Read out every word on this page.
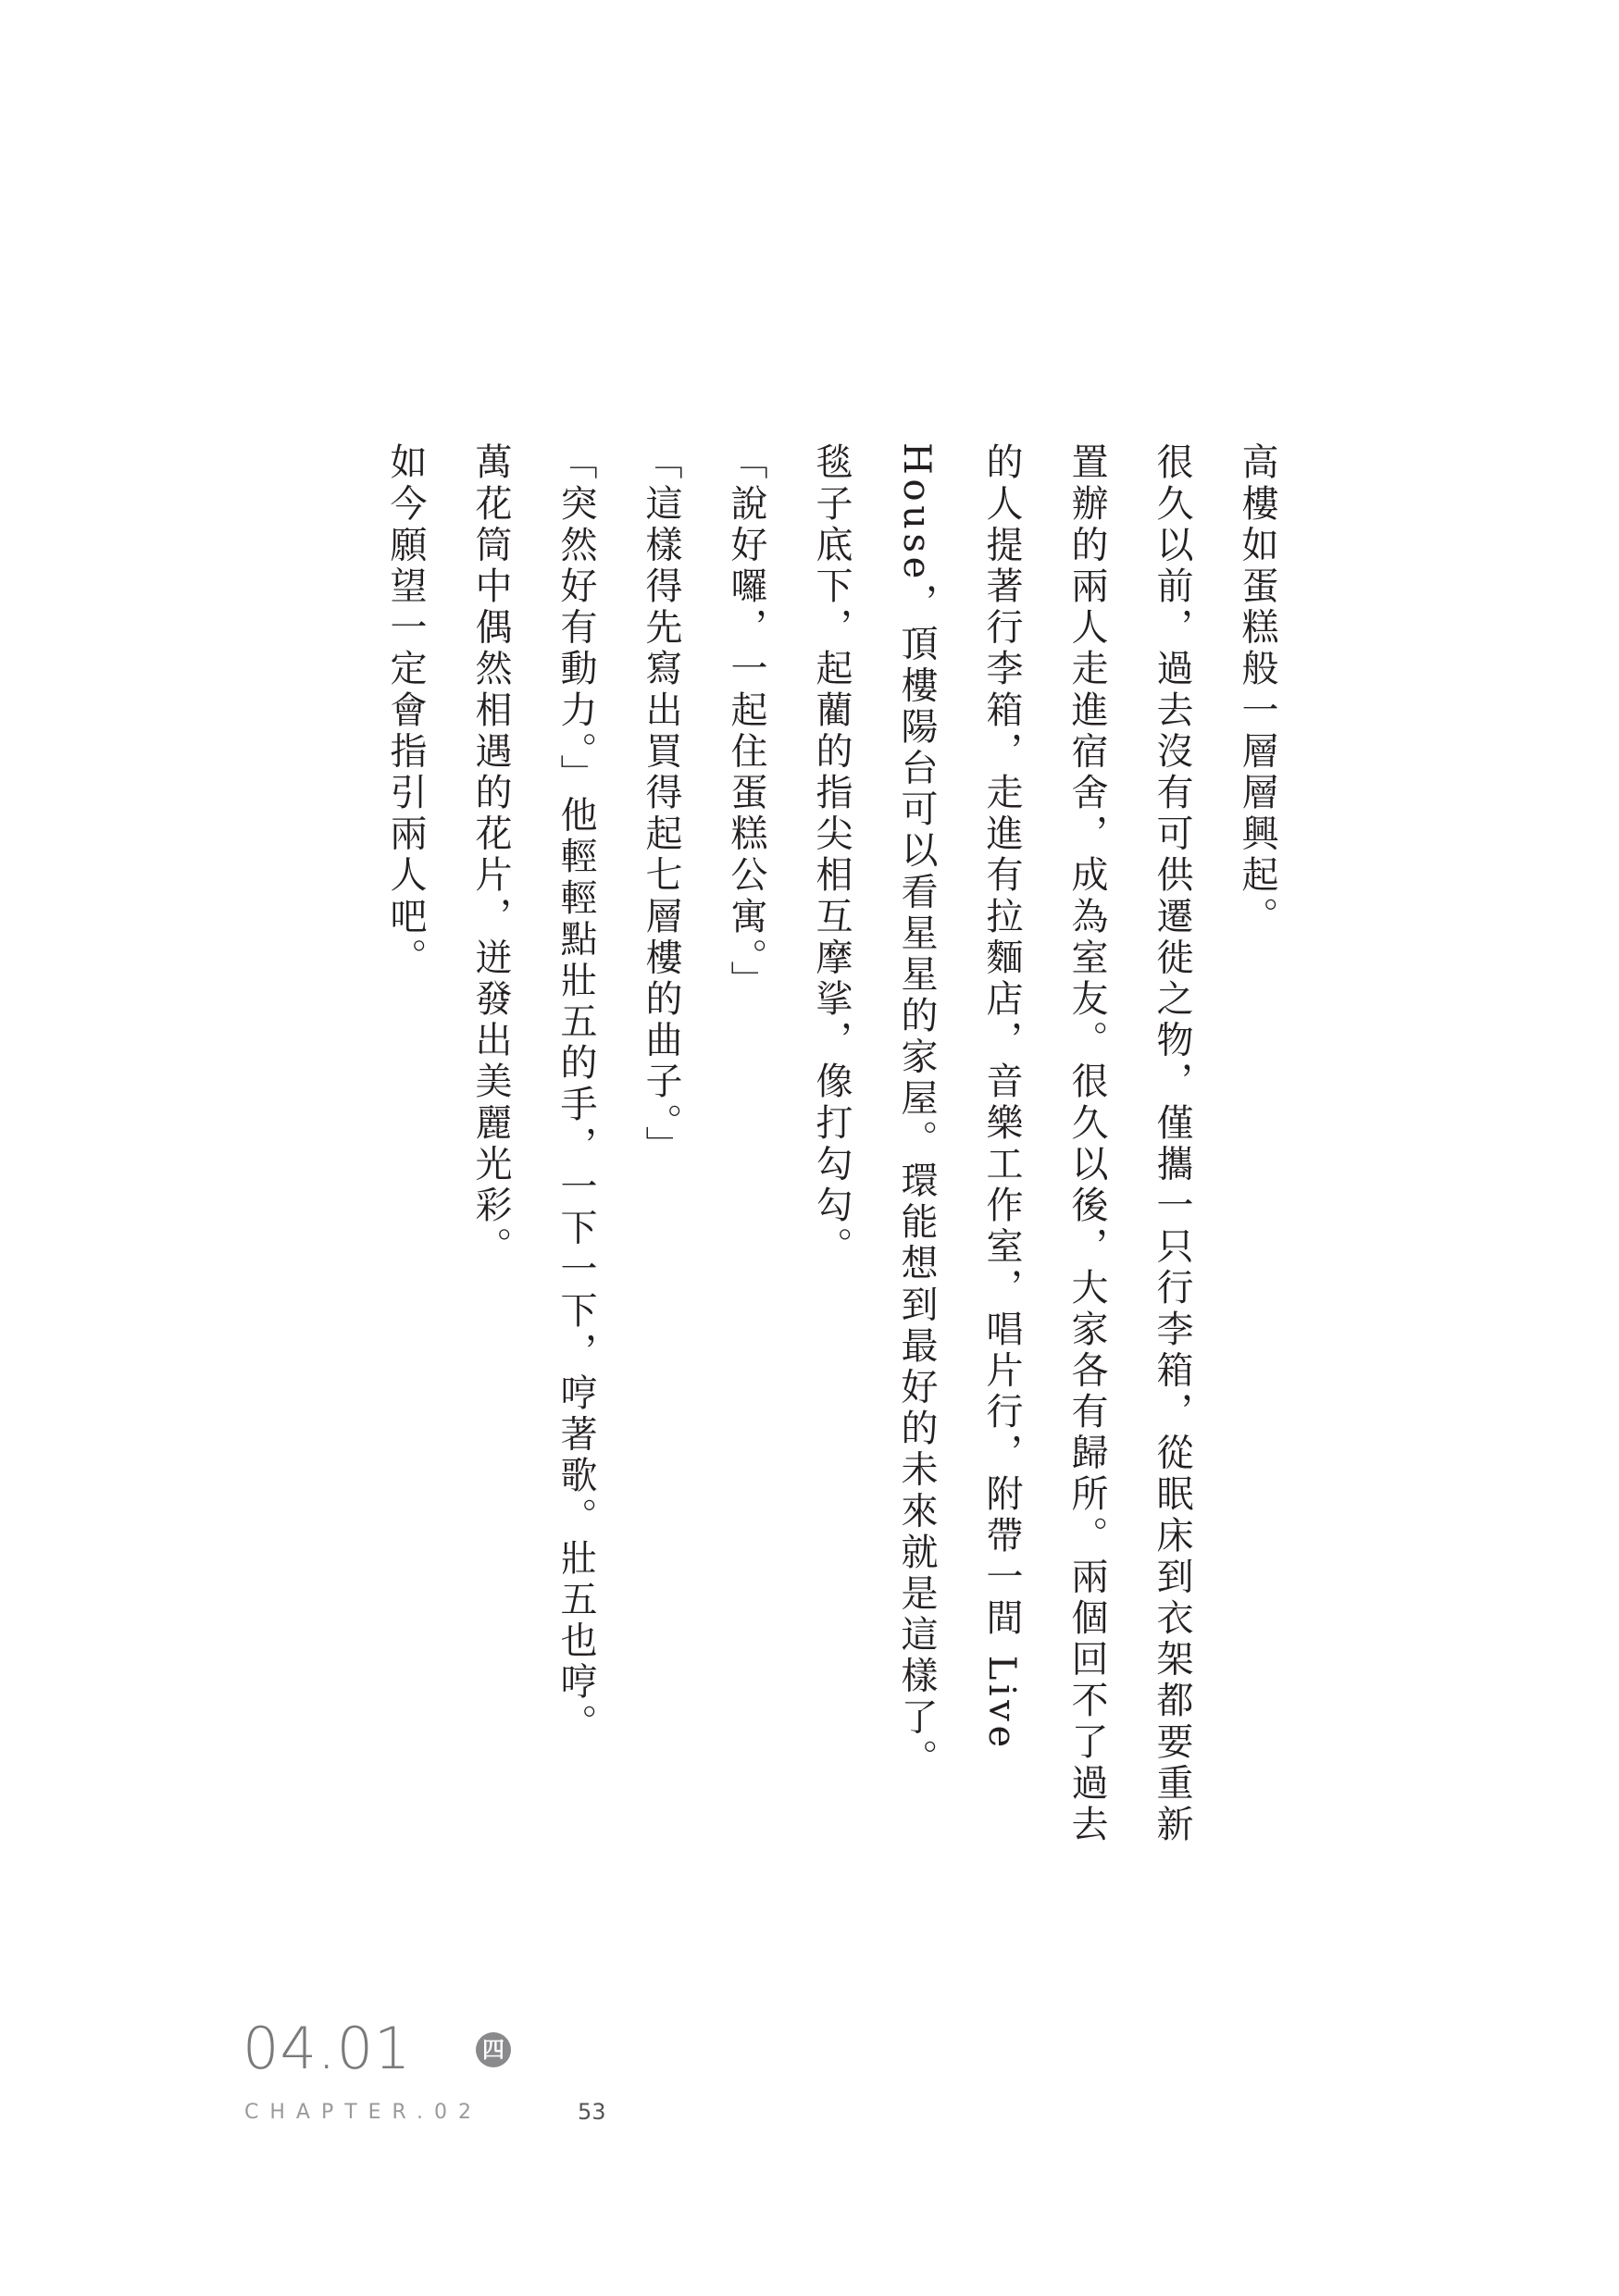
高樓如蛋糕般一層層興起。

很久以前，過去沒有可供遷徙之物，僅攜一只行李箱，從眠床到衣架都要重新置辦的兩人走進宿舍，成為室友。很久以後，大家各有歸所。兩個回不了過去的人提著行李箱，走進有拉麵店，音樂工作室，唱片行，附帶一間 Live House，頂樓陽台可以看星星的家屋。環能想到最好的未來就是這樣了。

毯子底下，起藺的指尖相互摩挲，像打勾勾。

「說好囉，一起住蛋糕公寓。」

「這樣得先寫出買得起七層樓的曲子。」

「突然好有動力。」他輕輕點壯五的手，一下一下，哼著歌。壯五也哼。

萬花筒中偶然相遇的花片，迸發出美麗光彩。

如今願望一定會指引兩人吧。

04.01	四
CHAPTER.02	53
